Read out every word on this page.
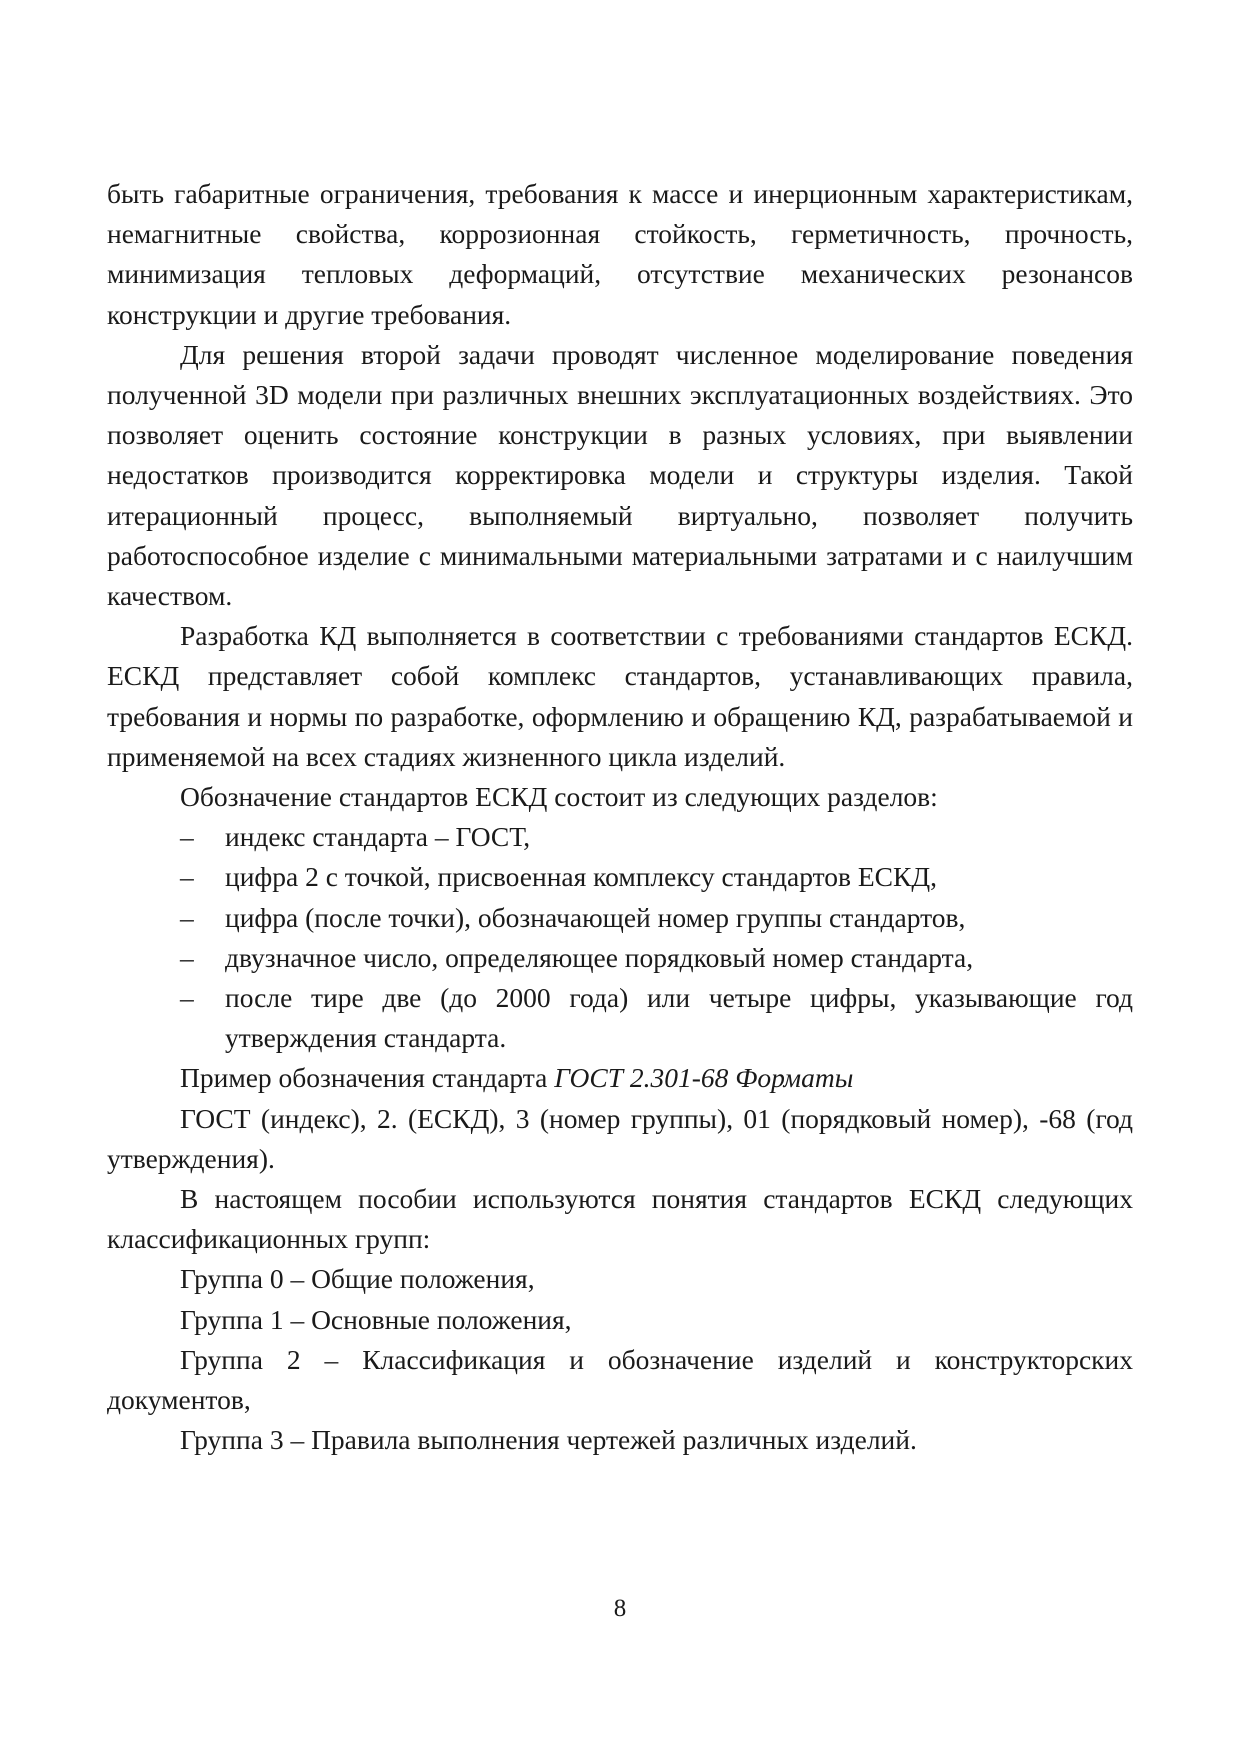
быть габаритные ограничения, требования к массе и инерционным характеристикам, немагнитные свойства, коррозионная стойкость, герметичность, прочность, минимизация тепловых деформаций, отсутствие механических резонансов конструкции и другие требования.

Для решения второй задачи проводят численное моделирование поведения полученной 3D модели при различных внешних эксплуатационных воздействиях. Это позволяет оценить состояние конструкции в разных условиях, при выявлении недостатков производится корректировка модели и структуры изделия. Такой итерационный процесс, выполняемый виртуально, позволяет получить работоспособное изделие с минимальными материальными затратами и с наилучшим качеством.

Разработка КД выполняется в соответствии с требованиями стандартов ЕСКД. ЕСКД представляет собой комплекс стандартов, устанавливающих правила, требования и нормы по разработке, оформлению и обращению КД, разрабатываемой и применяемой на всех стадиях жизненного цикла изделий.

Обозначение стандартов ЕСКД состоит из следующих разделов:

– индекс стандарта – ГОСТ,
– цифра 2 с точкой, присвоенная комплексу стандартов ЕСКД,
– цифра (после точки), обозначающей номер группы стандартов,
– двузначное число, определяющее порядковый номер стандарта,
– после тире две (до 2000 года) или четыре цифры, указывающие год утверждения стандарта.

Пример обозначения стандарта ГОСТ 2.301-68 Форматы

ГОСТ (индекс), 2. (ЕСКД), 3 (номер группы), 01 (порядковый номер), -68 (год утверждения).

В настоящем пособии используются понятия стандартов ЕСКД следующих классификационных групп:

Группа 0 – Общие положения,

Группа 1 – Основные положения,

Группа 2 – Классификация и обозначение изделий и конструкторских документов,

Группа 3 – Правила выполнения чертежей различных изделий.

8
